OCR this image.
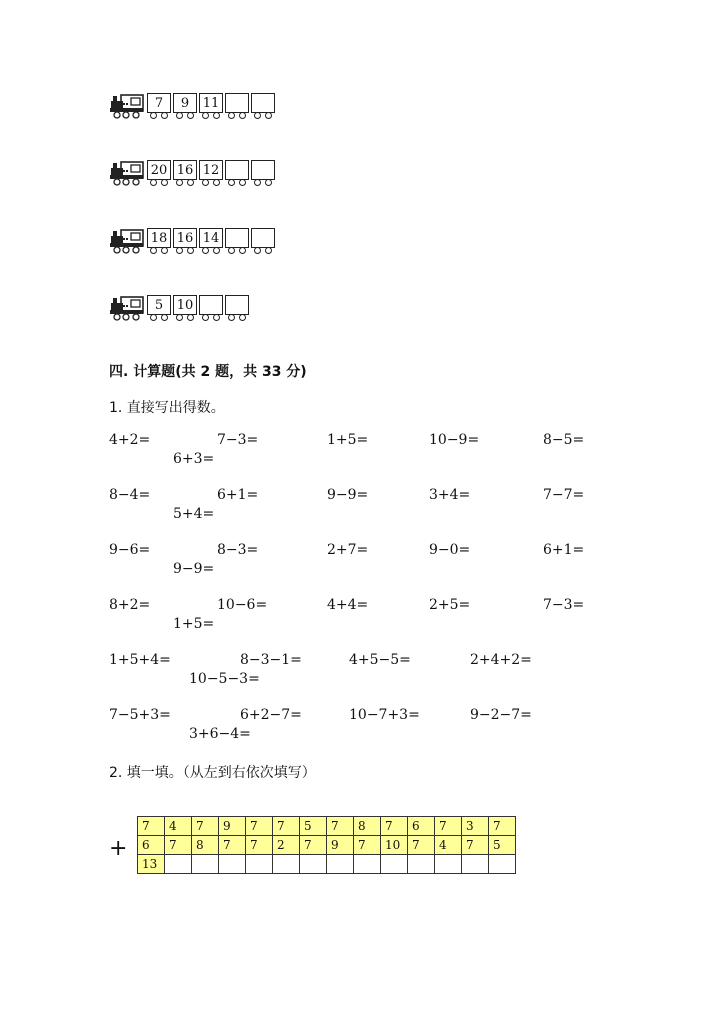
7	9	11
20 16 12
18 16 14
5	10
四. 计算题(共 2 题，共 33 分)
1. 直接写出得数。
4+2=	7−3=	1+5=	10−9=	8−5=
6+3=
8−4=	6+1=	9−9=	3+4=	7−7=
5+4=
9−6=	8−3=	2+7=	9−0=	6+1=
9−9=
8+2=	10−6=	4+4=	2+5=	7−3=
1+5=
1+5+4=	8−3−1=	4+5−5=	2+4+2=
10−5−3=
7−5+3=	6+2−7=	10−7+3=	9−2−7=
3+6−4=
2. 填一填。（从左到右依次填写）
+
7	4	7	9	7	7	5	7	8	7	6	7	3	7
6	7	8	7	7	2	7	9	7	10	7	4	7	5
13													
